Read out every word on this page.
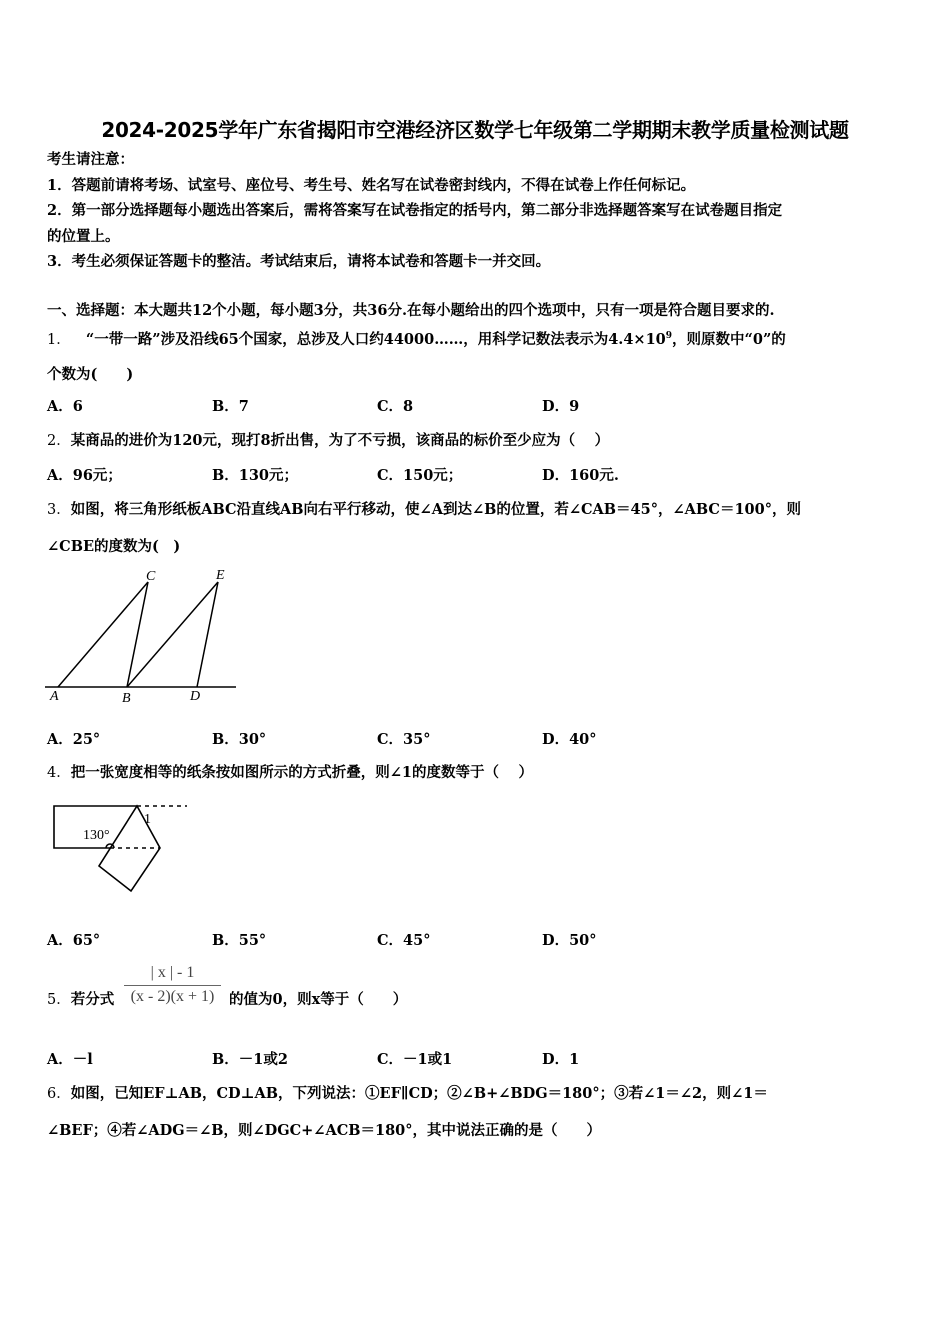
2024-2025学年广东省揭阳市空港经济区数学七年级第二学期期末教学质量检测试题
考生请注意：
1．答题前请将考场、试室号、座位号、考生号、姓名写在试卷密封线内，不得在试卷上作任何标记。
2．第一部分选择题每小题选出答案后，需将答案写在试卷指定的括号内，第二部分非选择题答案写在试卷题目指定
的位置上。
3．考生必须保证答题卡的整洁。考试结束后，请将本试卷和答题卡一并交回。
一、选择题：本大题共12个小题，每小题3分，共36分.在每小题给出的四个选项中，只有一项是符合题目要求的.
1． “一带一路”涉及沿线65个国家，总涉及人口约44000……，用科学记数法表示为$4.4\times 10^9$，则原数中“0”的
个数为(　　)
A．6	B．7	C．8	D．9
2．某商品的进价为120元，现打8折出售，为了不亏损，该商品的标价至少应为（　 ）
A．96元；	B．130元；	C．150元；	D．160元.
3．如图，将三角形纸板ABC沿直线AB向右平行移动，使∠A到达∠B的位置，若∠CAB＝45°，∠ABC＝100°，则
∠CBE的度数为(　)
C	E
A	B	D
A．25°	B．30°	C．35°	D．40°
4．把一张宽度相等的纸条按如图所示的方式折叠，则∠1的度数等于（　 ）
130°
1
A．65°	B．55°	C．45°	D．50°
5．若分式 $\frac{| x | - 1}{(x - 2)(x + 1)}$ 的值为0，则x等于（　　）
A．－l	B．－1或2	C．－1或1	D．1
6．如图，已知EF⊥AB，CD⊥AB，下列说法：①EF∥CD；②∠B+∠BDG＝180°；③若∠1＝∠2，则∠1＝
∠BEF；④若∠ADG＝∠B，则∠DGC+∠ACB＝180°，其中说法正确的是（　　）
